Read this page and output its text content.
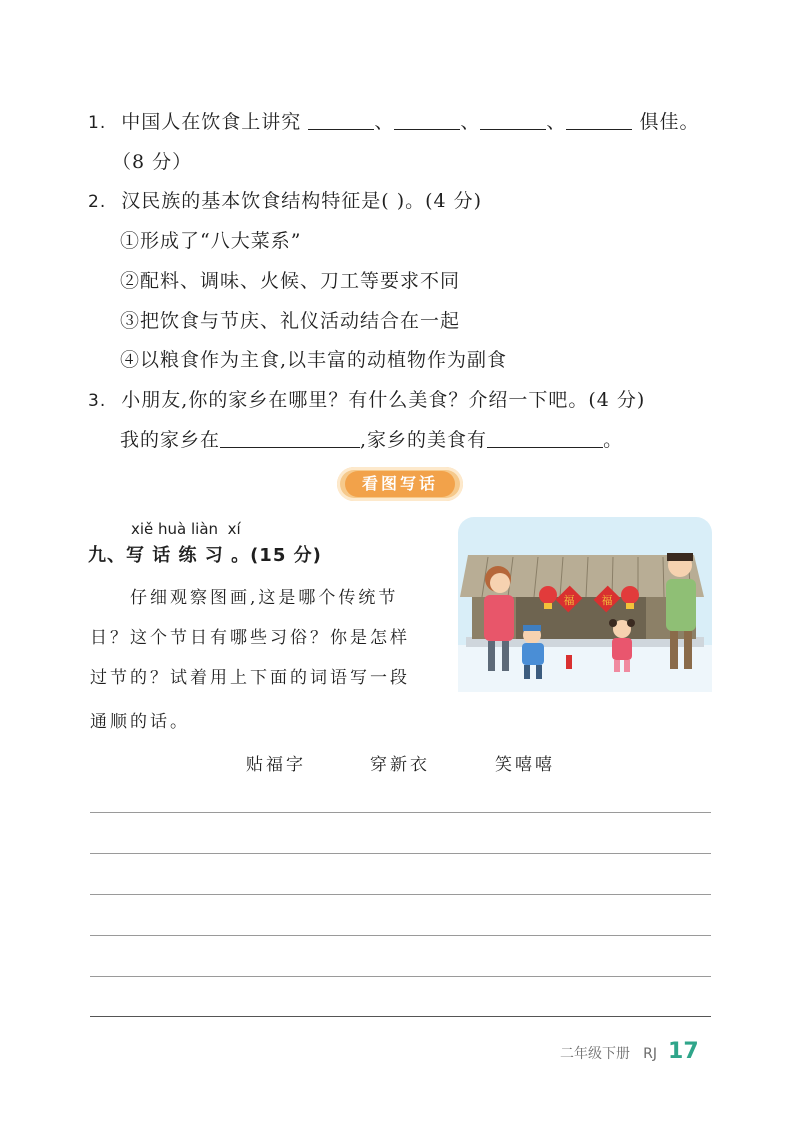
1. 中国人在饮食上讲究	、	、	、	俱佳。
（8 分）
2. 汉民族的基本饮食结构特征是( )。(4 分)
①形成了“八大菜系”
②配料、调味、火候、刀工等要求不同
③把饮食与节庆、礼仪活动结合在一起
④以粮食作为主食,以丰富的动植物作为副食
3. 小朋友,你的家乡在哪里？有什么美食？介绍一下吧。(4 分)
我的家乡在	,家乡的美食有	。
看图写话
xiě huà liàn  xí
九、写 话 练 习 。(15 分)
仔细观察图画,这是哪个传统节
日？这个节日有哪些习俗？你是怎样
过节的？试着用上下面的词语写一段
通顺的话。
福 福
贴福字	穿新衣	笑嘻嘻
二年级下册 RJ 17
